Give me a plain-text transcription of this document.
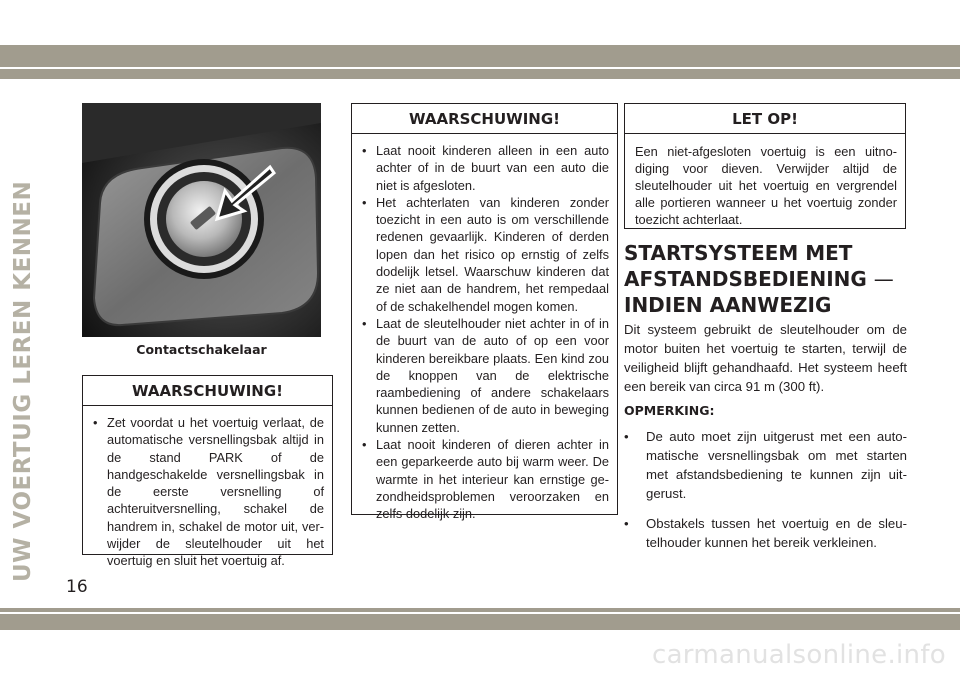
carmanualsonline.info
UW VOERTUIG LEREN KENNEN
16
Contactschakelaar
WAARSCHUWING!
• Zet voordat u het voertuig verlaat, de automatische versnellingsbak altijd in de stand PARK of de handgeschakelde versnellingsbak in de eerste versnelling of achteruitversnelling, schakel de handrem in, schakel de motor uit, verwijder de sleutelhouder uit het voertuig en sluit het voertuig af.
WAARSCHUWING!
• Laat nooit kinderen alleen in een auto achter of in de buurt van een auto die niet is afgesloten.
• Het achterlaten van kinderen zonder toezicht in een auto is om verschillende redenen gevaarlijk. Kinderen of derden lopen dan het risico op ernstig of zelfs dodelijk letsel. Waarschuw kinderen dat ze niet aan de handrem, het rempedaal of de schakelhendel mogen komen.
• Laat de sleutelhouder niet achter in of in de buurt van de auto of op een voor kinderen bereikbare plaats. Een kind zou de knoppen van de elektrische raambediening of andere schakelaars kunnen bedienen of de auto in beweging kunnen zetten.
• Laat nooit kinderen of dieren achter in een geparkeerde auto bij warm weer. De warmte in het interieur kan ernstige gezondheidsproblemen veroorzaken en zelfs dodelijk zijn.
LET OP!
Een niet-afgesloten voertuig is een uitnodiging voor dieven. Verwijder altijd de sleutelhouder uit het voertuig en vergrendel alle portieren wanneer u het voertuig zonder toezicht achterlaat.
STARTSYSTEEM MET
AFSTANDSBEDIENING —
INDIEN AANWEZIG
Dit systeem gebruikt de sleutelhouder om de motor buiten het voertuig te starten, terwijl de veiligheid blijft gehandhaafd. Het systeem heeft een bereik van circa 91 m (300 ft).
OPMERKING:
• De auto moet zijn uitgerust met een automatische versnellingsbak om met starten met afstandsbediening te kunnen zijn uitgerust.
• Obstakels tussen het voertuig en de sleutelhouder kunnen het bereik verkleinen.
